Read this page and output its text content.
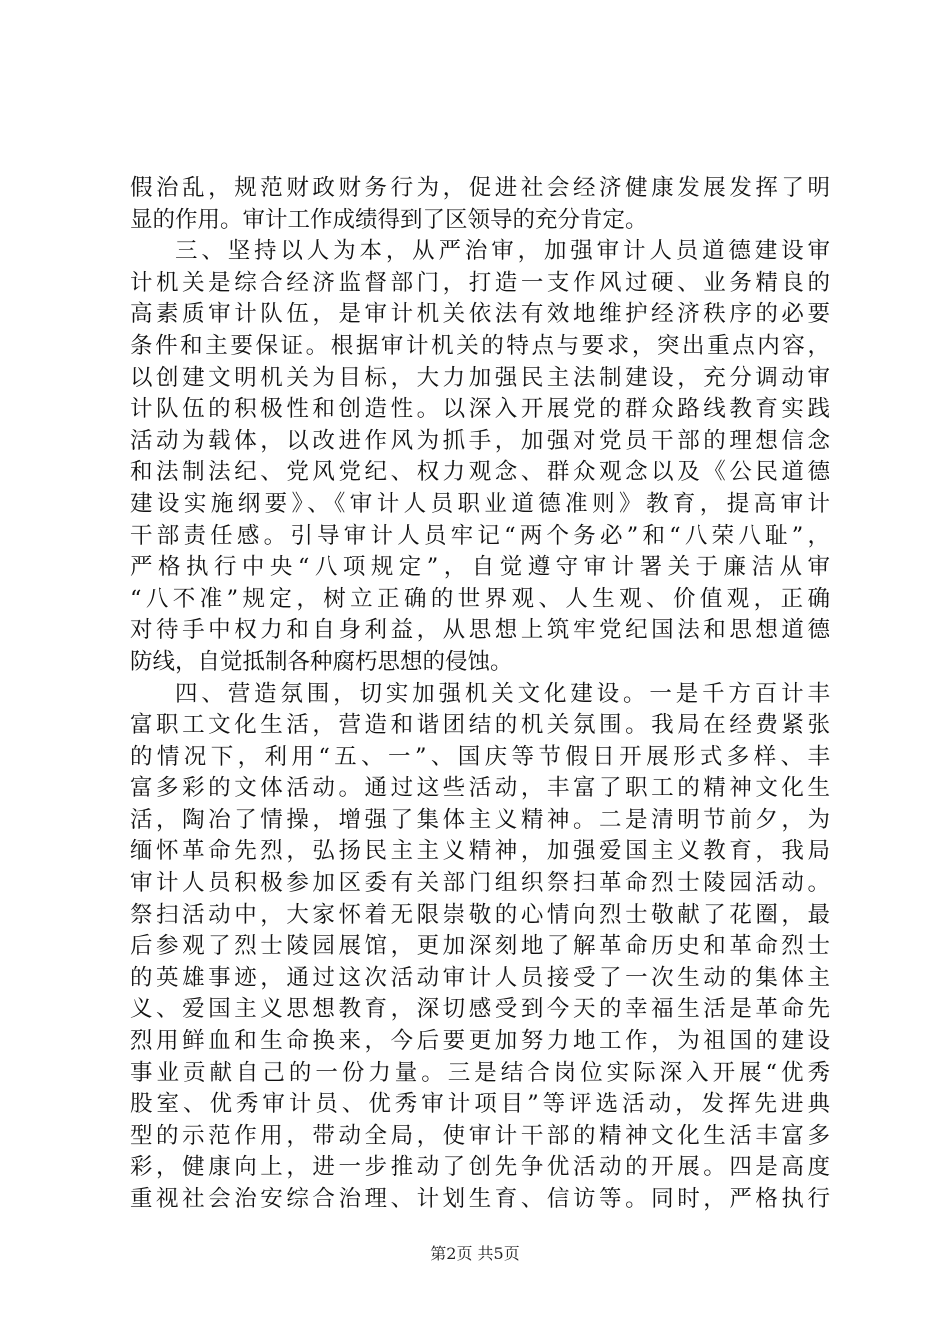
假治乱，规范财政财务行为，促进社会经济健康发展发挥了明
显的作用。审计工作成绩得到了区领导的充分肯定。
三、坚持以人为本，从严治审，加强审计人员道德建设审
计机关是综合经济监督部门，打造一支作风过硬、业务精良的
高素质审计队伍，是审计机关依法有效地维护经济秩序的必要
条件和主要保证。根据审计机关的特点与要求，突出重点内容，
以创建文明机关为目标，大力加强民主法制建设，充分调动审
计队伍的积极性和创造性。以深入开展党的群众路线教育实践
活动为载体，以改进作风为抓手，加强对党员干部的理想信念
和法制法纪、党风党纪、权力观念、群众观念以及《公民道德
建设实施纲要》、《审计人员职业道德准则》教育，提高审计
干部责任感。引导审计人员牢记“两个务必”和“八荣八耻”，
严格执行中央“八项规定”，自觉遵守审计署关于廉洁从审
“八不准”规定，树立正确的世界观、人生观、价值观，正确
对待手中权力和自身利益，从思想上筑牢党纪国法和思想道德
防线，自觉抵制各种腐朽思想的侵蚀。
四、营造氛围，切实加强机关文化建设。一是千方百计丰
富职工文化生活，营造和谐团结的机关氛围。我局在经费紧张
的情况下，利用“五、一”、国庆等节假日开展形式多样、丰
富多彩的文体活动。通过这些活动，丰富了职工的精神文化生
活，陶冶了情操，增强了集体主义精神。二是清明节前夕，为
缅怀革命先烈，弘扬民主主义精神，加强爱国主义教育，我局
审计人员积极参加区委有关部门组织祭扫革命烈士陵园活动。
祭扫活动中，大家怀着无限崇敬的心情向烈士敬献了花圈，最
后参观了烈士陵园展馆，更加深刻地了解革命历史和革命烈士
的英雄事迹，通过这次活动审计人员接受了一次生动的集体主
义、爱国主义思想教育，深切感受到今天的幸福生活是革命先
烈用鲜血和生命换来，今后要更加努力地工作，为祖国的建设
事业贡献自己的一份力量。三是结合岗位实际深入开展“优秀
股室、优秀审计员、优秀审计项目”等评选活动，发挥先进典
型的示范作用，带动全局，使审计干部的精神文化生活丰富多
彩，健康向上，进一步推动了创先争优活动的开展。四是高度
重视社会治安综合治理、计划生育、信访等。同时，严格执行
第2页 共5页
